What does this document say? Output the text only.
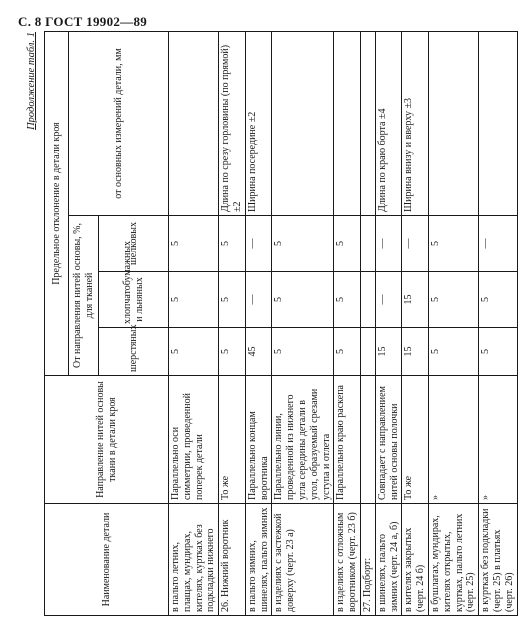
С. 8 ГОСТ 19902—89
Продолжение табл. 1
Наименование детали	Направление нитей основы ткани в детали кроя	Предельное отклонение в детали кроя			
		От направления нитей основы, %, для тканей			от основных измерений детали, мм
		шерстяных	хлопчатобумажных и льняных	шелковых	
в пальто летних, плащах, мундирах, кителях, куртках без подкладки нижнего	Параллельно оси симметрии, проведенной поперек детали	5	5	5	
26. Нижний воротник	То же	5	5	5	Длина по срезу горловины (по прямой) ±2
в пальто зимних, шинелях, пальто зимних	Параллельно концам воротника	45	—	—	Ширина посередине ±2
в изделиях с застежкой доверху (черт. 23 а)	Параллельно линии, проведенной из нижнего угла середины детали в угол, образуемый срезами уступа и отлета	5	5	5	
в изделиях с отложным воротником (черт. 23 б)	Параллельно краю раскепа	5	5	5	
27. Подборт:					
в шинелях, пальто зимних (черт. 24 а, б)	Совпадает с направлением нитей основы полочки	15	—	—	Длина по краю борта ±4
в кителях закрытых (черт. 24 б)	То же	15	15	—	Ширина внизу и вверху ±3
в бушлатах, мундирах, кителях открытых, куртках, пальто летних (черт. 25)	»	5	5	5	
в куртках без подкладки (черт. 25) в платьях (черт. 26)	»	5	5	—	
